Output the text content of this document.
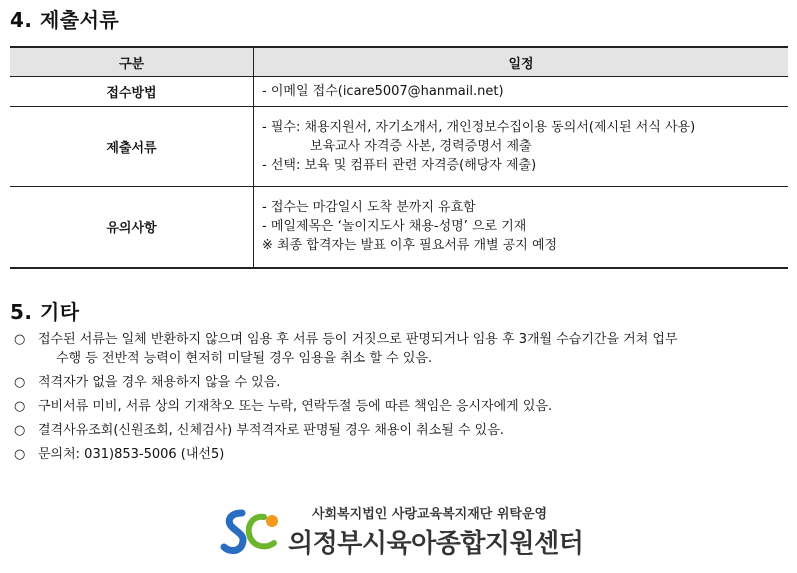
4. 제출서류
구분	일정
접수방법	- 이메일 접수(icare5007@hanmail.net)

제출서류	- 필수: 채용지원서, 자기소개서, 개인정보수집이용 동의서(제시된 서식 사용)
보육교사 자격증 사본, 경력증명서 제출
- 선택: 보육 및 컴퓨터 관련 자격증(해당자 제출)

유의사항	- 접수는 마감일시 도착 분까지 유효함
- 메일제목은 ‘놀이지도사 채용-성명’ 으로 기재
※ 최종 합격자는 발표 이후 필요서류 개별 공지 예정
5. 기타
○ 접수된 서류는 일체 반환하지 않으며 임용 후 서류 등이 거짓으로 판명되거나 임용 후 3개월 수습기간을 거쳐 업무
수행 등 전반적 능력이 현저히 미달될 경우 임용을 취소 할 수 있음.
○ 적격자가 없을 경우 채용하지 않을 수 있음.
○ 구비서류 미비, 서류 상의 기재착오 또는 누락, 연락두절 등에 따른 책임은 응시자에게 있음.
○ 결격사유조회(신원조회, 신체검사) 부적격자로 판명될 경우 채용이 취소될 수 있음.
○ 문의처: 031)853-5006 (내선5)
사회복지법인 사랑교육복지재단 위탁운영
의정부시육아종합지원센터
